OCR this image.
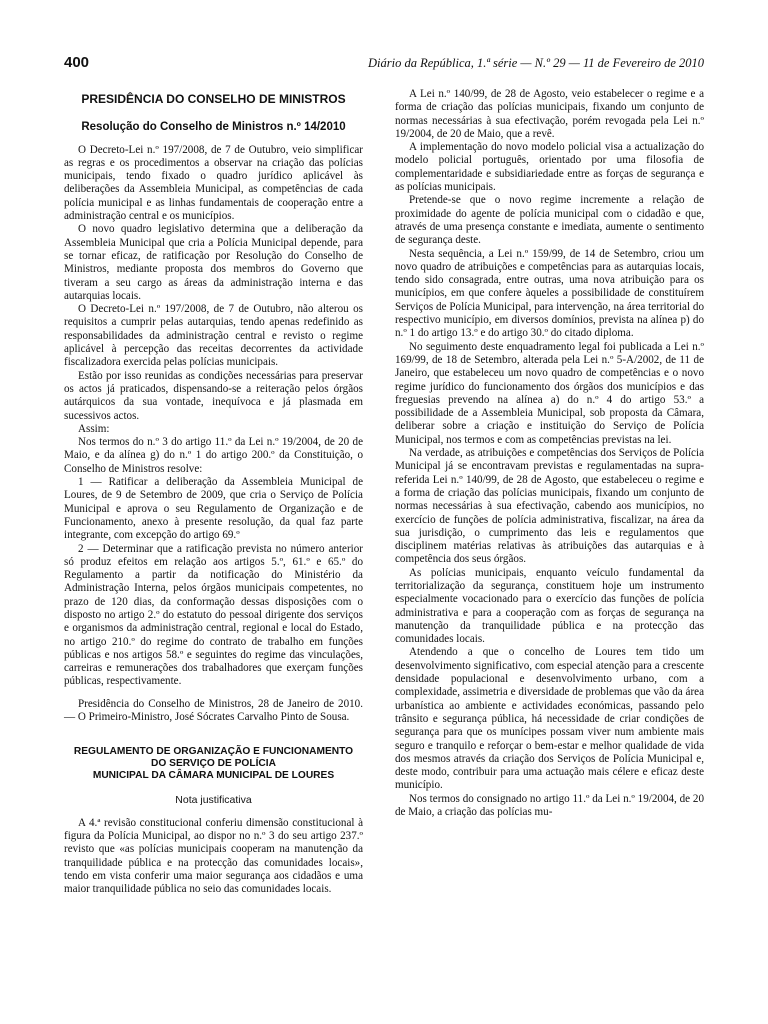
400	Diário da República, 1.ª série — N.º 29 — 11 de Fevereiro de 2010
PRESIDÊNCIA DO CONSELHO DE MINISTROS
Resolução do Conselho de Ministros n.º 14/2010

O Decreto-Lei n.º 197/2008, de 7 de Outubro, veio simplificar as regras e os procedimentos a observar na criação das polícias municipais, tendo fixado o quadro jurídico aplicável às deliberações da Assembleia Municipal, as competências de cada polícia municipal e as linhas fundamentais de cooperação entre a administração central e os municípios.

O novo quadro legislativo determina que a deliberação da Assembleia Municipal que cria a Polícia Municipal depende, para se tornar eficaz, de ratificação por Resolução do Conselho de Ministros, mediante proposta dos membros do Governo que tiveram a seu cargo as áreas da administração interna e das autarquias locais.

O Decreto-Lei n.º 197/2008, de 7 de Outubro, não alterou os requisitos a cumprir pelas autarquias, tendo apenas redefinido as responsabilidades da administração central e revisto o regime aplicável à percepção das receitas decorrentes da actividade fiscalizadora exercida pelas polícias municipais.

Estão por isso reunidas as condições necessárias para preservar os actos já praticados, dispensando-se a reiteração pelos órgãos autárquicos da sua vontade, inequívoca e já plasmada em sucessivos actos.

Assim:

Nos termos do n.º 3 do artigo 11.º da Lei n.º 19/2004, de 20 de Maio, e da alínea g) do n.º 1 do artigo 200.º da Constituição, o Conselho de Ministros resolve:

1 — Ratificar a deliberação da Assembleia Municipal de Loures, de 9 de Setembro de 2009, que cria o Serviço de Polícia Municipal e aprova o seu Regulamento de Organização e de Funcionamento, anexo à presente resolução, da qual faz parte integrante, com excepção do artigo 69.º

2 — Determinar que a ratificação prevista no número anterior só produz efeitos em relação aos artigos 5.º, 61.º e 65.º do Regulamento a partir da notificação do Ministério da Administração Interna, pelos órgãos municipais competentes, no prazo de 120 dias, da conformação dessas disposições com o disposto no artigo 2.º do estatuto do pessoal dirigente dos serviços e organismos da administração central, regional e local do Estado, no artigo 210.º do regime do contrato de trabalho em funções públicas e nos artigos 58.º e seguintes do regime das vinculações, carreiras e remunerações dos trabalhadores que exerçam funções públicas, respectivamente.

Presidência do Conselho de Ministros, 28 de Janeiro de 2010. — O Primeiro-Ministro, José Sócrates Carvalho Pinto de Sousa.

REGULAMENTO DE ORGANIZAÇÃO E FUNCIONAMENTO
DO SERVIÇO DE POLÍCIA
MUNICIPAL DA CÂMARA MUNICIPAL DE LOURES
Nota justificativa

A 4.ª revisão constitucional conferiu dimensão constitucional à figura da Polícia Municipal, ao dispor no n.º 3 do seu artigo 237.º revisto que «as polícias municipais cooperam na manutenção da tranquilidade pública e na protecção das comunidades locais», tendo em vista conferir uma maior segurança aos cidadãos e uma maior tranquilidade pública no seio das comunidades locais.

A Lei n.º 140/99, de 28 de Agosto, veio estabelecer o regime e a forma de criação das polícias municipais, fixando um conjunto de normas necessárias à sua efectivação, porém revogada pela Lei n.º 19/2004, de 20 de Maio, que a revê.

A implementação do novo modelo policial visa a actualização do modelo policial português, orientado por uma filosofia de complementaridade e subsidiariedade entre as forças de segurança e as polícias municipais.

Pretende-se que o novo regime incremente a relação de proximidade do agente de polícia municipal com o cidadão e que, através de uma presença constante e imediata, aumente o sentimento de segurança deste.

Nesta sequência, a Lei n.º 159/99, de 14 de Setembro, criou um novo quadro de atribuições e competências para as autarquias locais, tendo sido consagrada, entre outras, uma nova atribuição para os municípios, em que confere àqueles a possibilidade de constituírem Serviços de Polícia Municipal, para intervenção, na área territorial do respectivo município, em diversos domínios, prevista na alínea p) do n.º 1 do artigo 13.º e do artigo 30.º do citado diploma.

No seguimento deste enquadramento legal foi publicada a Lei n.º 169/99, de 18 de Setembro, alterada pela Lei n.º 5-A/2002, de 11 de Janeiro, que estabeleceu um novo quadro de competências e o novo regime jurídico do funcionamento dos órgãos dos municípios e das freguesias prevendo na alínea a) do n.º 4 do artigo 53.º a possibilidade de a Assembleia Municipal, sob proposta da Câmara, deliberar sobre a criação e instituição do Serviço de Polícia Municipal, nos termos e com as competências previstas na lei.

Na verdade, as atribuições e competências dos Serviços de Polícia Municipal já se encontravam previstas e regulamentadas na supra-referida Lei n.º 140/99, de 28 de Agosto, que estabeleceu o regime e a forma de criação das polícias municipais, fixando um conjunto de normas necessárias à sua efectivação, cabendo aos municípios, no exercício de funções de polícia administrativa, fiscalizar, na área da sua jurisdição, o cumprimento das leis e regulamentos que disciplinem matérias relativas às atribuições das autarquias e à competência dos seus órgãos.

As polícias municipais, enquanto veículo fundamental da territorialização da segurança, constituem hoje um instrumento especialmente vocacionado para o exercício das funções de polícia administrativa e para a cooperação com as forças de segurança na manutenção da tranquilidade pública e na protecção das comunidades locais.

Atendendo a que o concelho de Loures tem tido um desenvolvimento significativo, com especial atenção para a crescente densidade populacional e desenvolvimento urbano, com a complexidade, assimetria e diversidade de problemas que vão da área urbanística ao ambiente e actividades económicas, passando pelo trânsito e segurança pública, há necessidade de criar condições de segurança para que os munícipes possam viver num ambiente mais seguro e tranquilo e reforçar o bem-estar e melhor qualidade de vida dos mesmos através da criação dos Serviços de Polícia Municipal e, deste modo, contribuir para uma actuação mais célere e eficaz deste município.

Nos termos do consignado no artigo 11.º da Lei n.º 19/2004, de 20 de Maio, a criação das polícias mu-
